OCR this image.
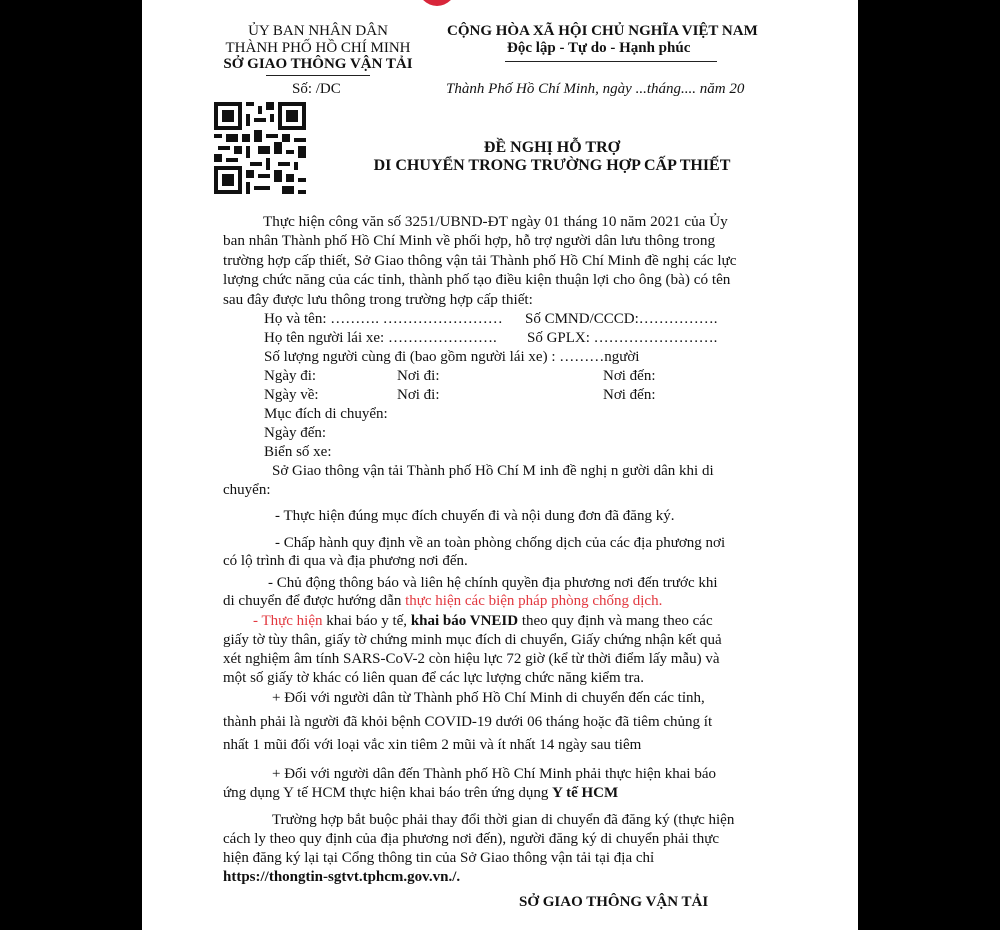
ỦY BAN NHÂN DÂN
THÀNH PHỐ HỒ CHÍ MINH
SỞ GIAO THÔNG VẬN TẢI
Số: /DC
CỘNG HÒA XÃ HỘI CHỦ NGHĨA VIỆT NAM
Độc lập - Tự do - Hạnh phúc
Thành Phố Hồ Chí Minh, ngày ...tháng.... năm 20
ĐỀ NGHỊ HỖ TRỢ
DI CHUYỂN TRONG TRƯỜNG HỢP CẤP THIẾT
Thực hiện công văn số 3251/UBND-ĐT ngày 01 tháng 10 năm 2021 của Ủy
ban nhân Thành phố Hồ Chí Minh về phối hợp, hỗ trợ người dân lưu thông trong
trường hợp cấp thiết, Sở Giao thông vận tải Thành phố Hồ Chí Minh đề nghị các lực
lượng chức năng của các tỉnh, thành phố tạo điều kiện thuận lợi cho ông (bà) có tên
sau đây được lưu thông trong trường hợp cấp thiết:
Họ và tên: ………. …………………… Số CMND/CCCD:…………….
Họ tên người lái xe: …………………. Số GPLX: …………………….
Số lượng người cùng đi (bao gồm người lái xe) : ………người
Ngày đi:	Nơi đi:	Nơi đến:
Ngày về:	Nơi đi:	Nơi đến:
Mục đích di chuyển:
Ngày đến:
Biển số xe:
Sở Giao thông vận tải Thành phố Hồ Chí M inh đề nghị n gười dân khi di
chuyển:
- Thực hiện đúng mục đích chuyến đi và nội dung đơn đã đăng ký.
- Chấp hành quy định về an toàn phòng chống dịch của các địa phương nơi
có lộ trình đi qua và địa phương nơi đến.
- Chủ động thông báo và liên hệ chính quyền địa phương nơi đến trước khi
di chuyển để được hướng dẫn thực hiện các biện pháp phòng chống dịch.
- Thực hiện khai báo y tế, khai báo VNEID theo quy định và mang theo các
giấy tờ tùy thân, giấy tờ chứng minh mục đích di chuyển, Giấy chứng nhận kết quả
xét nghiệm âm tính SARS-CoV-2 còn hiệu lực 72 giờ (kể từ thời điểm lấy mẫu) và
một số giấy tờ khác có liên quan để các lực lượng chức năng kiểm tra.
+ Đối với người dân từ Thành phố Hồ Chí Minh di chuyển đến các tỉnh,
thành phải là người đã khỏi bệnh COVID-19 dưới 06 tháng hoặc đã tiêm chủng ít
nhất 1 mũi đối với loại vắc xin tiêm 2 mũi và ít nhất 14 ngày sau tiêm
+ Đối với người dân đến Thành phố Hồ Chí Minh phải thực hiện khai báo
ứng dụng Y tế HCM thực hiện khai báo trên ứng dụng Y tế HCM
Trường hợp bắt buộc phải thay đổi thời gian di chuyển đã đăng ký (thực hiện
cách ly theo quy định của địa phương nơi đến), người đăng ký di chuyển phải thực
hiện đăng ký lại tại Cổng thông tin của Sở Giao thông vận tải tại địa chỉ
https://thongtin-sgtvt.tphcm.gov.vn./.
SỞ GIAO THÔNG VẬN TẢI
